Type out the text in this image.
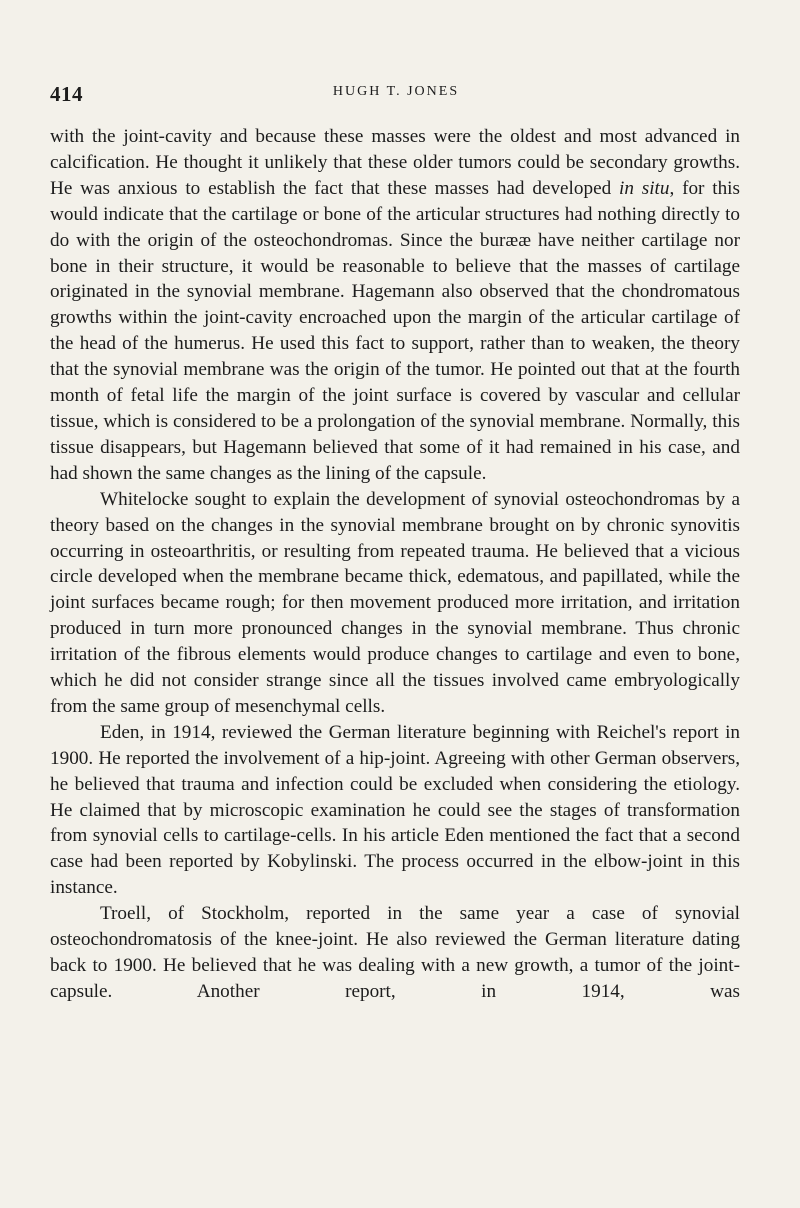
414	HUGH T. JONES

with the joint-cavity and because these masses were the oldest and most advanced in calcification. He thought it unlikely that these older tumors could be secondary growths. He was anxious to establish the fact that these masses had developed in situ, for this would indicate that the cartilage or bone of the articular structures had nothing directly to do with the origin of the osteochondromas. Since the burææ have neither cartilage nor bone in their structure, it would be reasonable to believe that the masses of cartilage originated in the synovial membrane. Hagemann also observed that the chondromatous growths within the joint-cavity encroached upon the margin of the articular cartilage of the head of the humerus. He used this fact to support, rather than to weaken, the theory that the synovial membrane was the origin of the tumor. He pointed out that at the fourth month of fetal life the margin of the joint surface is covered by vascular and cellular tissue, which is considered to be a prolongation of the synovial membrane. Normally, this tissue disappears, but Hagemann believed that some of it had remained in his case, and had shown the same changes as the lining of the capsule.

Whitelocke sought to explain the development of synovial osteochondromas by a theory based on the changes in the synovial membrane brought on by chronic synovitis occurring in osteoarthritis, or resulting from repeated trauma. He believed that a vicious circle developed when the membrane became thick, edematous, and papillated, while the joint surfaces became rough; for then movement produced more irritation, and irritation produced in turn more pronounced changes in the synovial membrane. Thus chronic irritation of the fibrous elements would produce changes to cartilage and even to bone, which he did not consider strange since all the tissues involved came embryologically from the same group of mesenchymal cells.

Eden, in 1914, reviewed the German literature beginning with Reichel's report in 1900. He reported the involvement of a hip-joint. Agreeing with other German observers, he believed that trauma and infection could be excluded when considering the etiology. He claimed that by microscopic examination he could see the stages of transformation from synovial cells to cartilage-cells. In his article Eden mentioned the fact that a second case had been reported by Kobylinski. The process occurred in the elbow-joint in this instance.

Troell, of Stockholm, reported in the same year a case of synovial osteochondromatosis of the knee-joint. He also reviewed the German literature dating back to 1900. He believed that he was dealing with a new growth, a tumor of the joint-capsule. Another report, in 1914, was
